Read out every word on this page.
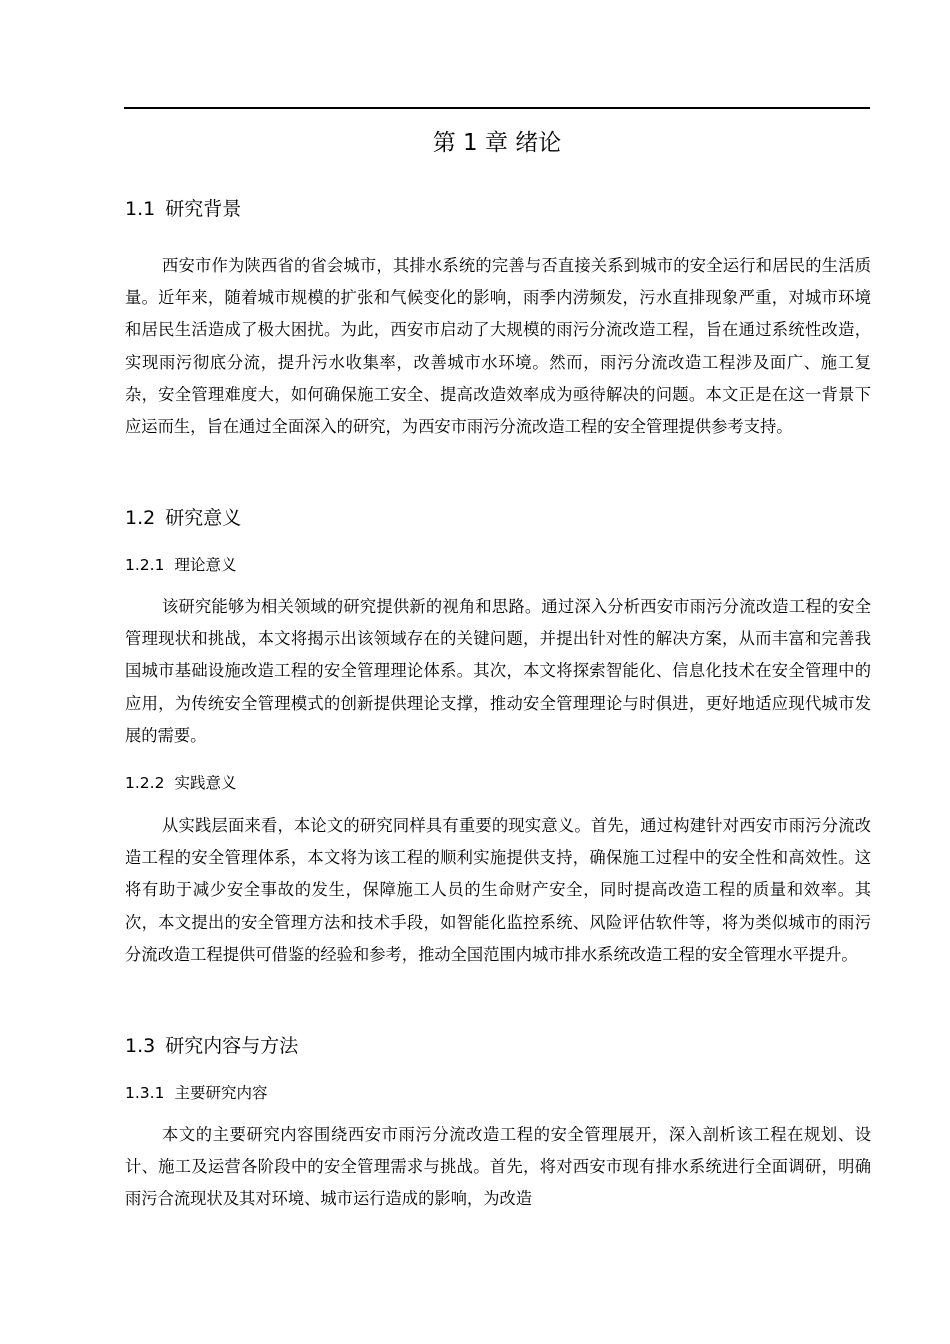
第 1 章 绪论
1.1 研究背景

西安市作为陕西省的省会城市，其排水系统的完善与否直接关系到城市的安全运行和居民的生活质量。近年来，随着城市规模的扩张和气候变化的影响，雨季内涝频发，污水直排现象严重，对城市环境和居民生活造成了极大困扰。为此，西安市启动了大规模的雨污分流改造工程，旨在通过系统性改造，实现雨污彻底分流，提升污水收集率，改善城市水环境。然而，雨污分流改造工程涉及面广、施工复杂，安全管理难度大，如何确保施工安全、提高改造效率成为亟待解决的问题。本文正是在这一背景下应运而生，旨在通过全面深入的研究，为西安市雨污分流改造工程的安全管理提供参考支持。

1.2 研究意义
1.2.1 理论意义

该研究能够为相关领域的研究提供新的视角和思路。通过深入分析西安市雨污分流改造工程的安全管理现状和挑战，本文将揭示出该领域存在的关键问题，并提出针对性的解决方案，从而丰富和完善我国城市基础设施改造工程的安全管理理论体系。其次，本文将探索智能化、信息化技术在安全管理中的应用，为传统安全管理模式的创新提供理论支撑，推动安全管理理论与时俱进，更好地适应现代城市发展的需要。

1.2.2 实践意义

从实践层面来看，本论文的研究同样具有重要的现实意义。首先，通过构建针对西安市雨污分流改造工程的安全管理体系，本文将为该工程的顺利实施提供支持，确保施工过程中的安全性和高效性。这将有助于减少安全事故的发生，保障施工人员的生命财产安全，同时提高改造工程的质量和效率。其次，本文提出的安全管理方法和技术手段，如智能化监控系统、风险评估软件等，将为类似城市的雨污分流改造工程提供可借鉴的经验和参考，推动全国范围内城市排水系统改造工程的安全管理水平提升。

1.3 研究内容与方法
1.3.1 主要研究内容

本文的主要研究内容围绕西安市雨污分流改造工程的安全管理展开，深入剖析该工程在规划、设计、施工及运营各阶段中的安全管理需求与挑战。首先，将对西安市现有排水系统进行全面调研，明确雨污合流现状及其对环境、城市运行造成的影响，为改造
